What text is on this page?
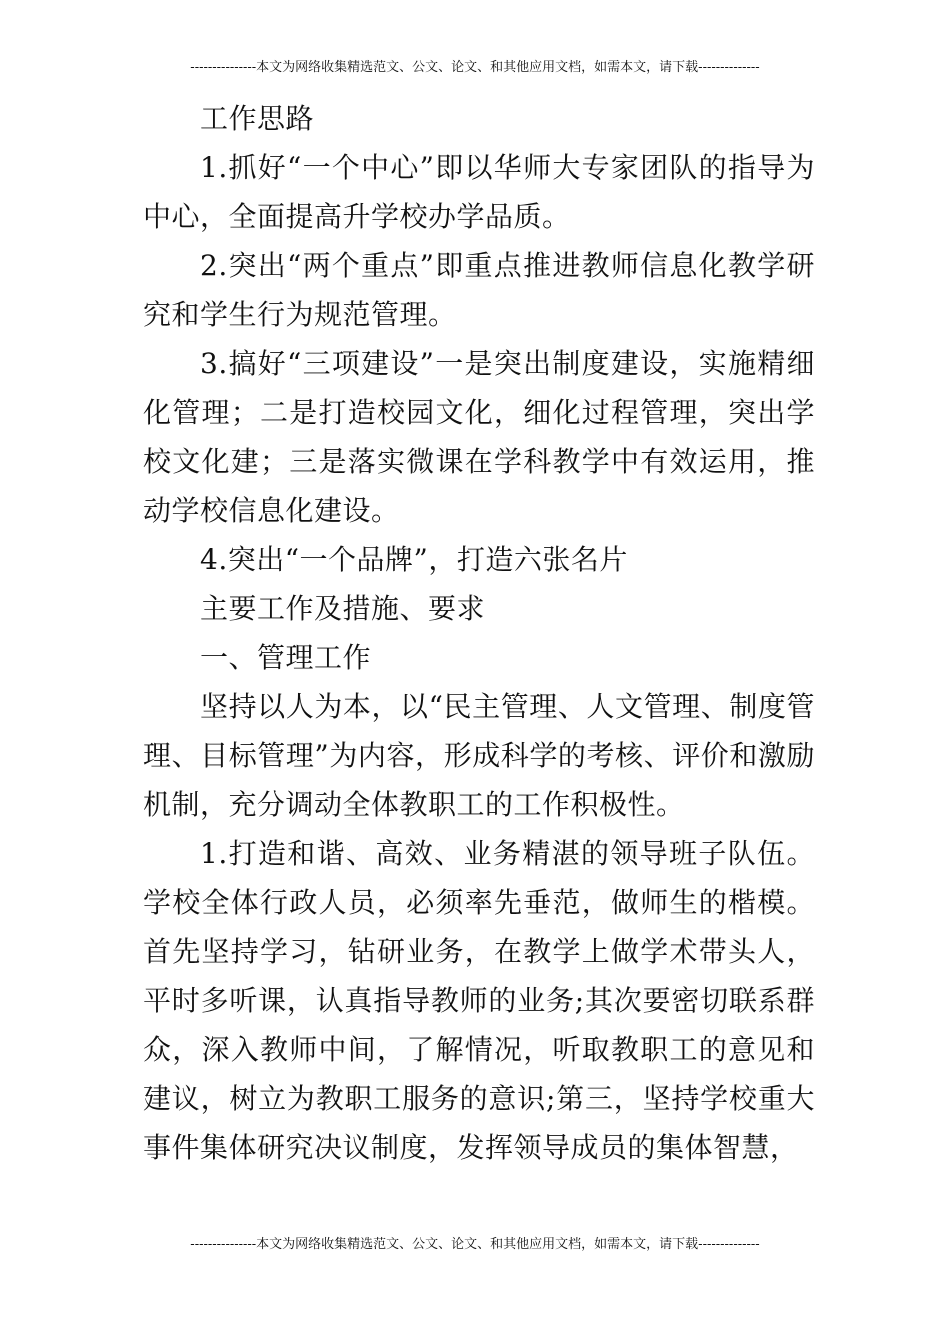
---------------本文为网络收集精选范文、公文、论文、和其他应用文档，如需本文，请下载--------------

工作思路

1.抓好“一个中心”即以华师大专家团队的指导为中心，全面提高升学校办学品质。

2.突出“两个重点”即重点推进教师信息化教学研究和学生行为规范管理。

3.搞好“三项建设”一是突出制度建设，实施精细化管理；二是打造校园文化，细化过程管理，突出学校文化建；三是落实微课在学科教学中有效运用，推动学校信息化建设。

4.突出“一个品牌”，打造六张名片

主要工作及措施、要求

一、管理工作

坚持以人为本，以“民主管理、人文管理、制度管理、目标管理”为内容，形成科学的考核、评价和激励机制，充分调动全体教职工的工作积极性。

1.打造和谐、高效、业务精湛的领导班子队伍。学校全体行政人员，必须率先垂范，做师生的楷模。首先坚持学习，钻研业务，在教学上做学术带头人，平时多听课，认真指导教师的业务;其次要密切联系群众，深入教师中间，了解情况，听取教职工的意见和建议，树立为教职工服务的意识;第三，坚持学校重大事件集体研究决议制度，发挥领导成员的集体智慧，

---------------本文为网络收集精选范文、公文、论文、和其他应用文档，如需本文，请下载--------------
